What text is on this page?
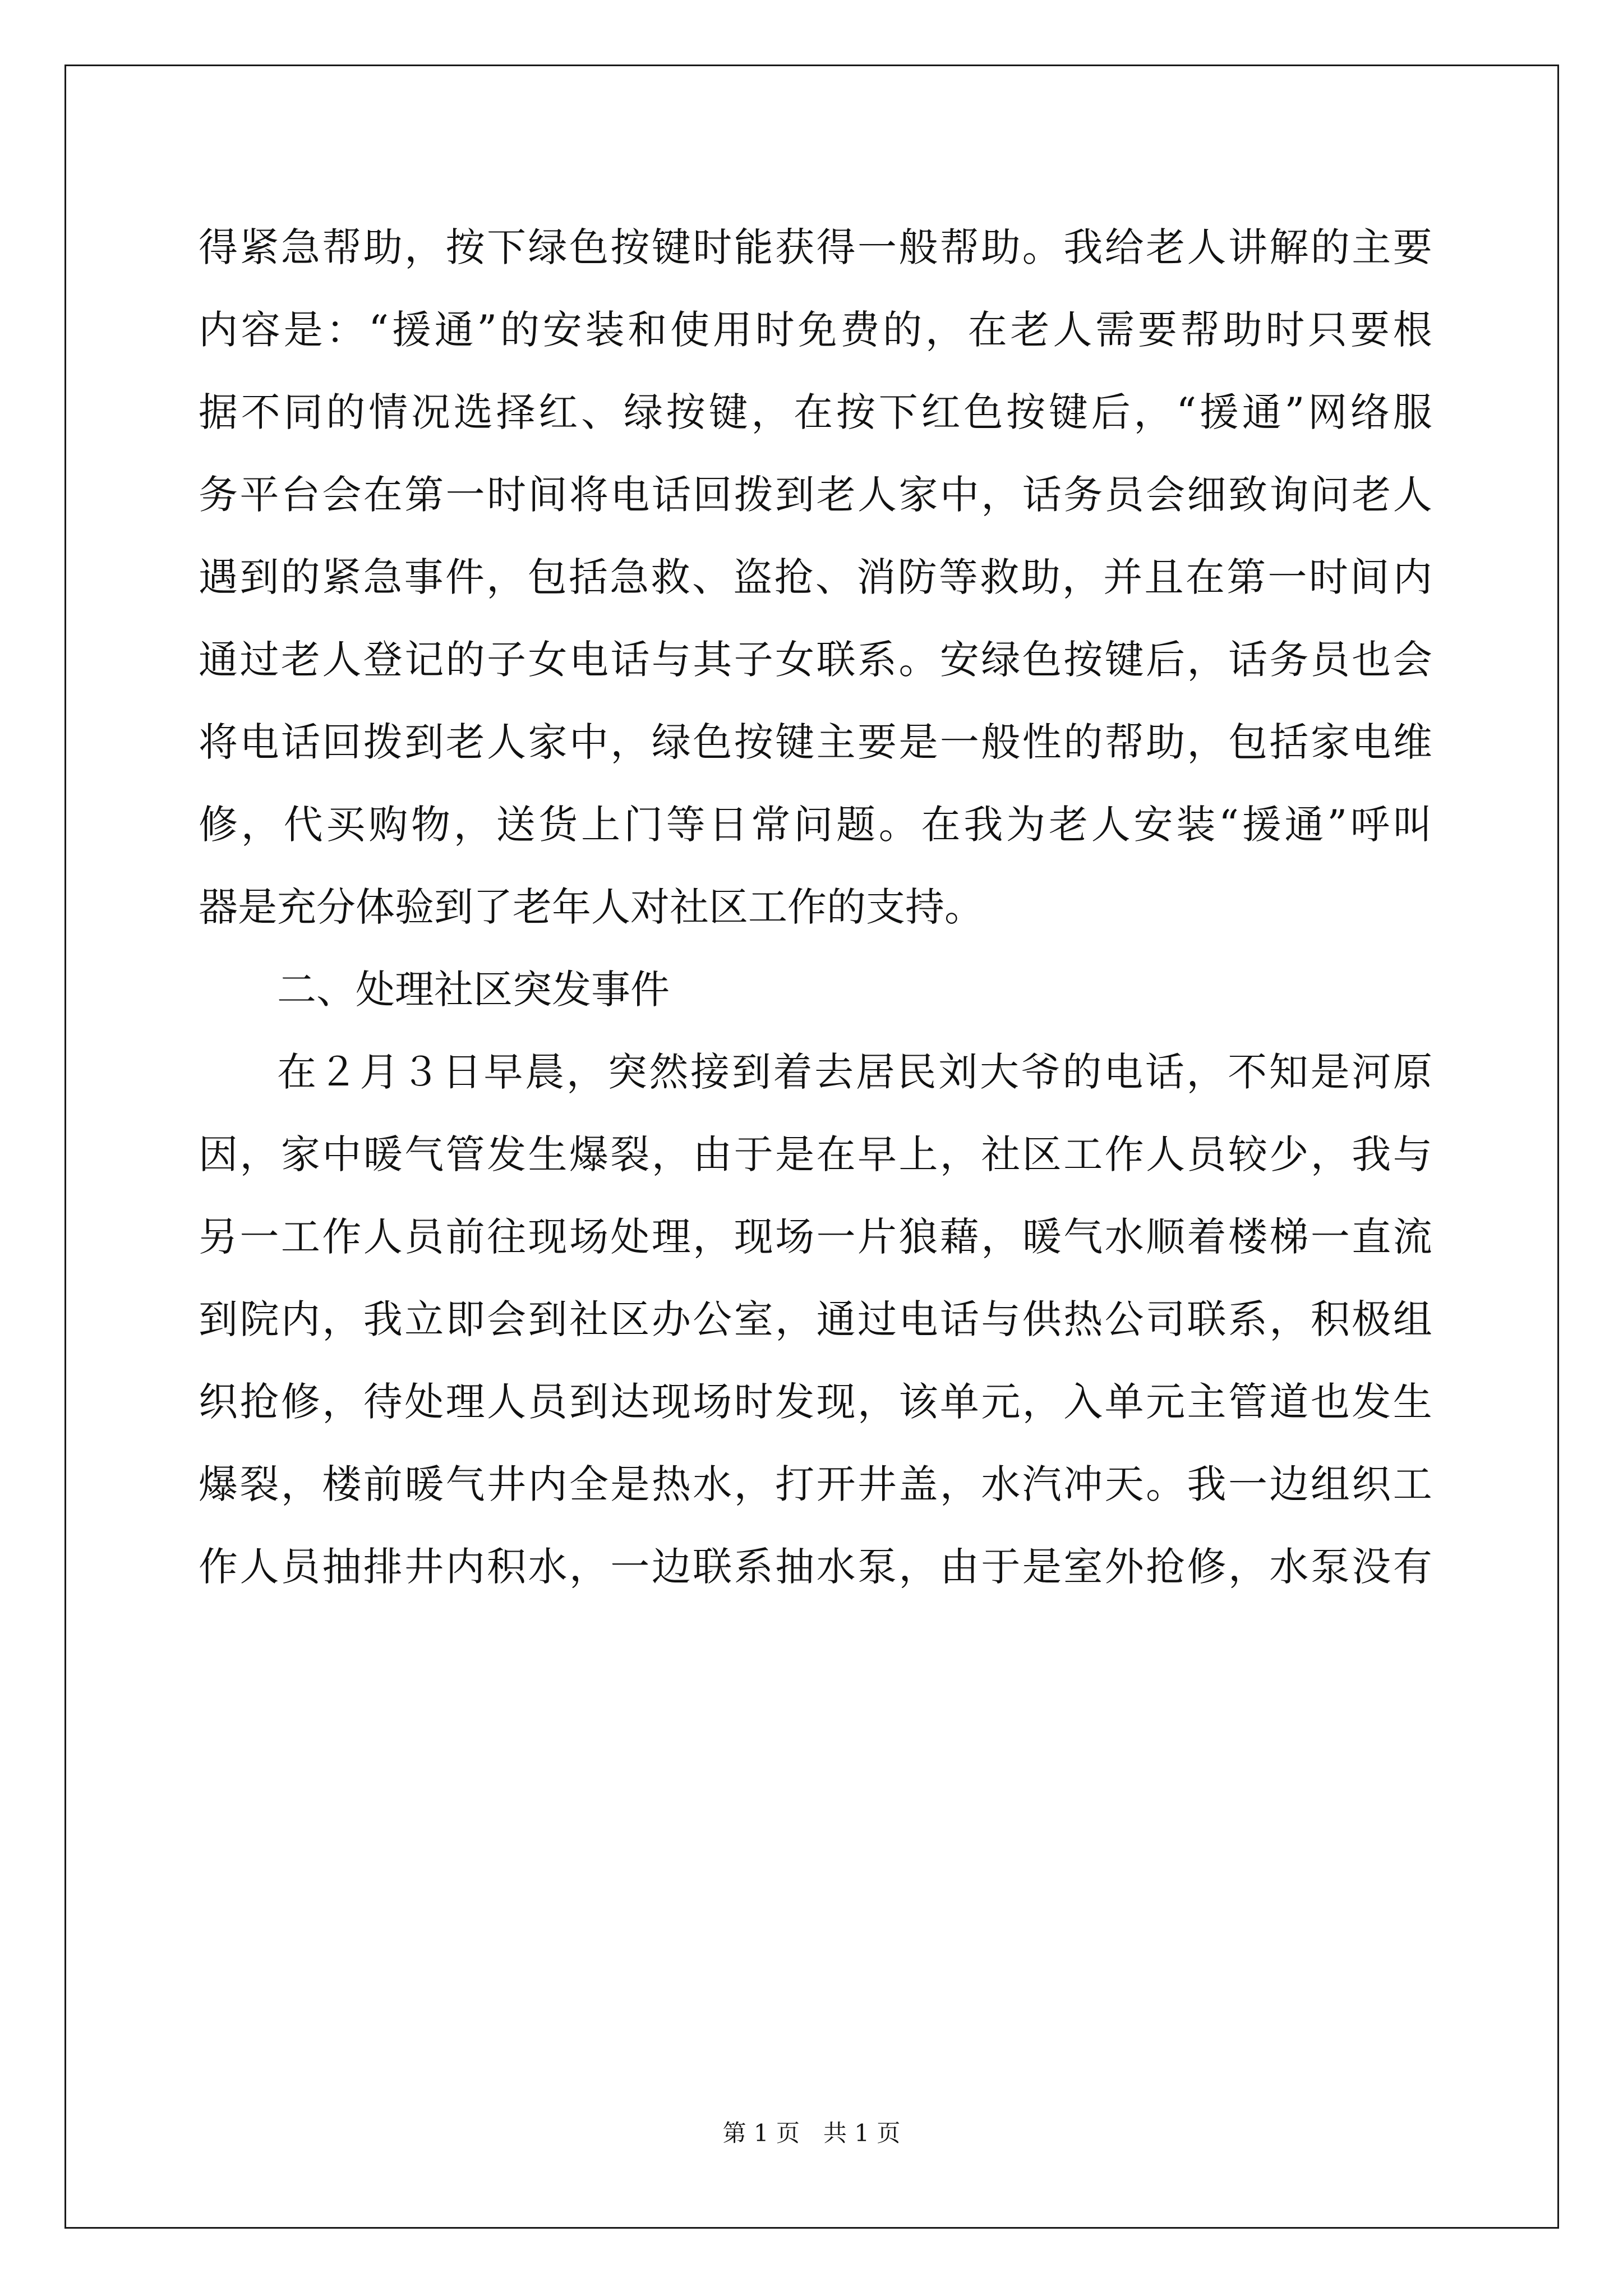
得 紧 急 帮 助 ， 按 下 绿 色 按 键 时 能 获 得 一 般 帮 助 。 我 给 老 人 讲 解 的 主 要
内 容 是 ： “ 援 通 ” 的 安 装 和 使 用 时 免 费 的 ， 在 老 人 需 要 帮 助 时 只 要 根
据 不 同 的 情 况 选 择 红 、 绿 按 键 ， 在 按 下 红 色 按 键 后 ， “ 援 通 ” 网 络 服
务 平 台 会 在 第 一 时 间 将 电 话 回 拨 到 老 人 家 中 ， 话 务 员 会 细 致 询 问 老 人
遇 到 的 紧 急 事 件 ， 包 括 急 救 、 盗 抢 、 消 防 等 救 助 ， 并 且 在 第 一 时 间 内
通 过 老 人 登 记 的 子 女 电 话 与 其 子 女 联 系 。 安 绿 色 按 键 后 ， 话 务 员 也 会
将 电 话 回 拨 到 老 人 家 中 ， 绿 色 按 键 主 要 是 一 般 性 的 帮 助 ， 包 括 家 电 维
修 ， 代 买 购 物 ， 送 货 上 门 等 日 常 问 题 。 在 我 为 老 人 安 装 “ 援 通 ” 呼 叫
器 是 充 分 体 验 到 了 老 年 人 对 社 区 工 作 的 支 持 。
二 、 处 理 社 区 突 发 事 件
在 ２ 月 ３ 日 早 晨 ， 突 然 接 到 着 去 居 民 刘 大 爷 的 电 话 ， 不 知 是 河 原
因 ， 家 中 暖 气 管 发 生 爆 裂 ， 由 于 是 在 早 上 ， 社 区 工 作 人 员 较 少 ， 我 与
另 一 工 作 人 员 前 往 现 场 处 理 ， 现 场 一 片 狼 藉 ， 暖 气 水 顺 着 楼 梯 一 直 流
到 院 内 ， 我 立 即 会 到 社 区 办 公 室 ， 通 过 电 话 与 供 热 公 司 联 系 ， 积 极 组
织 抢 修 ， 待 处 理 人 员 到 达 现 场 时 发 现 ， 该 单 元 ， 入 单 元 主 管 道 也 发 生
爆 裂 ， 楼 前 暖 气 井 内 全 是 热 水 ， 打 开 井 盖 ， 水 汽 冲 天 。 我 一 边 组 织 工
作 人 员 抽 排 井 内 积 水 ， 一 边 联 系 抽 水 泵 ， 由 于 是 室 外 抢 修 ， 水 泵 没 有
第 1 页　共 1 页
